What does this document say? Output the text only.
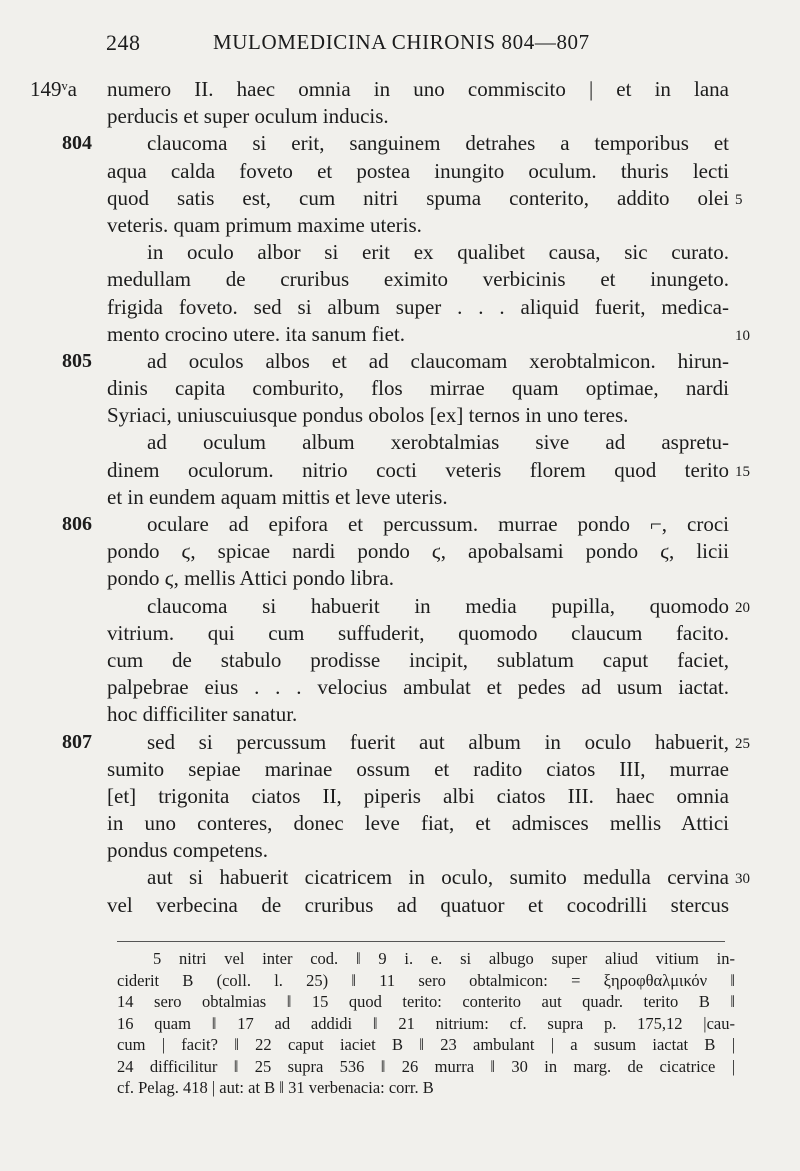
248	MULOMEDICINA CHIRONIS 804—807
149ᵛa numero II. haec omnia in uno commiscito | et in lana
perducis et super oculum inducis.
804	claucoma si erit, sanguinem detrahes a temporibus et
aqua calda foveto et postea inungito oculum. thuris lecti
quod satis est, cum nitri spuma conterito, addito olei 5
veteris. quam primum maxime uteris.
in oculo albor si erit ex qualibet causa, sic curato.
medullam de cruribus eximito verbicinis et inungeto.
frigida foveto. sed si album super . . . aliquid fuerit, medica-
mento crocino utere. ita sanum fiet.	10
805	ad oculos albos et ad claucomam xerobtalmicon. hirun-
dinis capita comburito, flos mirrae quam optimae, nardi
Syriaci, uniuscuiusque pondus obolos [ex] ternos in uno teres.
ad oculum album xerobtalmias sive ad aspretu-
dinem oculorum. nitrio cocti veteris florem quod terito 15
et in eundem aquam mittis et leve uteris.
806	oculare ad epifora et percussum. murrae pondo ⌐, croci
pondo ϛ, spicae nardi pondo ϛ, apobalsami pondo ϛ, licii
pondo ϛ, mellis Attici pondo libra.
claucoma si habuerit in media pupilla, quomodo 20
vitrium. qui cum suffuderit, quomodo claucum facito.
cum de stabulo prodisse incipit, sublatum caput faciet,
palpebrae eius . . . velocius ambulat et pedes ad usum iactat.
hoc difficiliter sanatur.
807	sed si percussum fuerit aut album in oculo habuerit, 25
sumito sepiae marinae ossum et radito ciatos III, murrae
[et] trigonita ciatos II, piperis albi ciatos III. haec omnia
in uno conteres, donec leve fiat, et admisces mellis Attici
pondus competens.
aut si habuerit cicatricem in oculo, sumito medulla cervina 30
vel verbecina de cruribus ad quatuor et cocodrilli stercus
5 nitri vel inter cod. ‖ 9 i. e. si albugo super aliud vitium in-
ciderit B (coll. l. 25) ‖ 11 sero obtalmicon: = ξηροφθαλμικόν ‖
14 sero obtalmias ‖ 15 quod terito: conterito aut quadr. terito B ‖
16 quam ‖ 17 ad addidi ‖ 21 nitrium: cf. supra p. 175,12 |cau-
cum | facit? ‖ 22 caput iaciet B ‖ 23 ambulant | a susum iactat B |
24 difficilitur ‖ 25 supra 536 ‖ 26 murra ‖ 30 in marg. de cicatrice |
cf. Pelag. 418 | aut: at B ‖ 31 verbenacia: corr. B
